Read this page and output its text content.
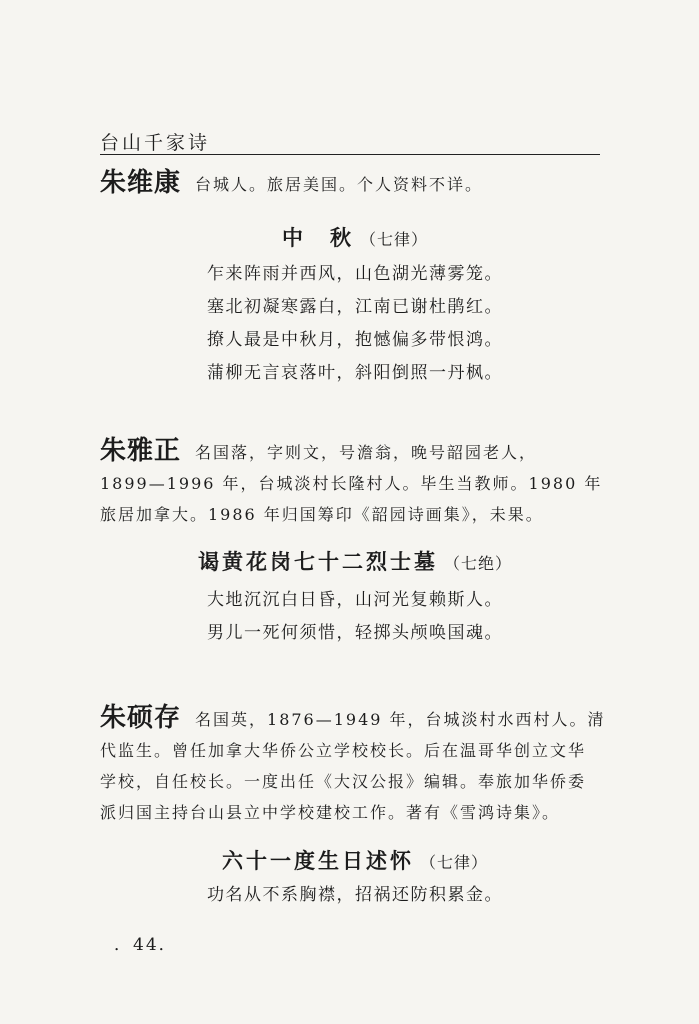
台山千家诗
朱维康 台城人。旅居美国。个人资料不详。
中　秋 （七律）
乍来阵雨并西风，山色湖光薄雾笼。
塞北初凝寒露白，江南已谢杜鹃红。
撩人最是中秋月，抱憾偏多带恨鸿。
蒲柳无言哀落叶，斜阳倒照一丹枫。
朱雅正 名国落，字则文，号澹翁，晚号韶园老人，
1899—1996 年，台城淡村长隆村人。毕生当教师。1980 年
旅居加拿大。1986 年归国筹印《韶园诗画集》，未果。
谒黄花岗七十二烈士墓 （七绝）
大地沉沉白日昏，山河光复赖斯人。
男儿一死何须惜，轻掷头颅唤国魂。
朱硕存 名国英，1876—1949 年，台城淡村水西村人。清
代监生。曾任加拿大华侨公立学校校长。后在温哥华创立文华
学校，自任校长。一度出任《大汉公报》编辑。奉旅加华侨委
派归国主持台山县立中学校建校工作。著有《雪鸿诗集》。
六十一度生日述怀 （七律）
功名从不系胸襟，招祸还防积累金。
．44．
